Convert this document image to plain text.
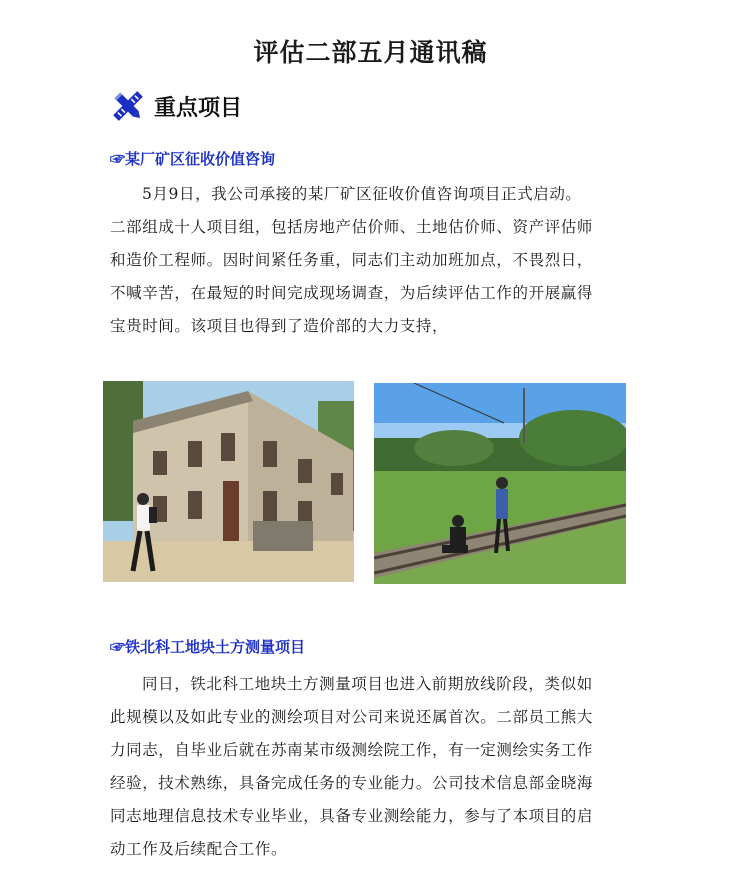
评估二部五月通讯稿
重点项目
☞某厂矿区征收价值咨询
5月9日，我公司承接的某厂矿区征收价值咨询项目正式启动。
二部组成十人项目组，包括房地产估价师、土地估价师、资产评估师
和造价工程师。因时间紧任务重，同志们主动加班加点，不畏烈日，
不喊辛苦，在最短的时间完成现场调查，为后续评估工作的开展赢得
宝贵时间。该项目也得到了造价部的大力支持，
☞铁北科工地块土方测量项目
同日，铁北科工地块土方测量项目也进入前期放线阶段，类似如
此规模以及如此专业的测绘项目对公司来说还属首次。二部员工熊大
力同志，自毕业后就在苏南某市级测绘院工作，有一定测绘实务工作
经验，技术熟练，具备完成任务的专业能力。公司技术信息部金晓海
同志地理信息技术专业毕业，具备专业测绘能力，参与了本项目的启
动工作及后续配合工作。
